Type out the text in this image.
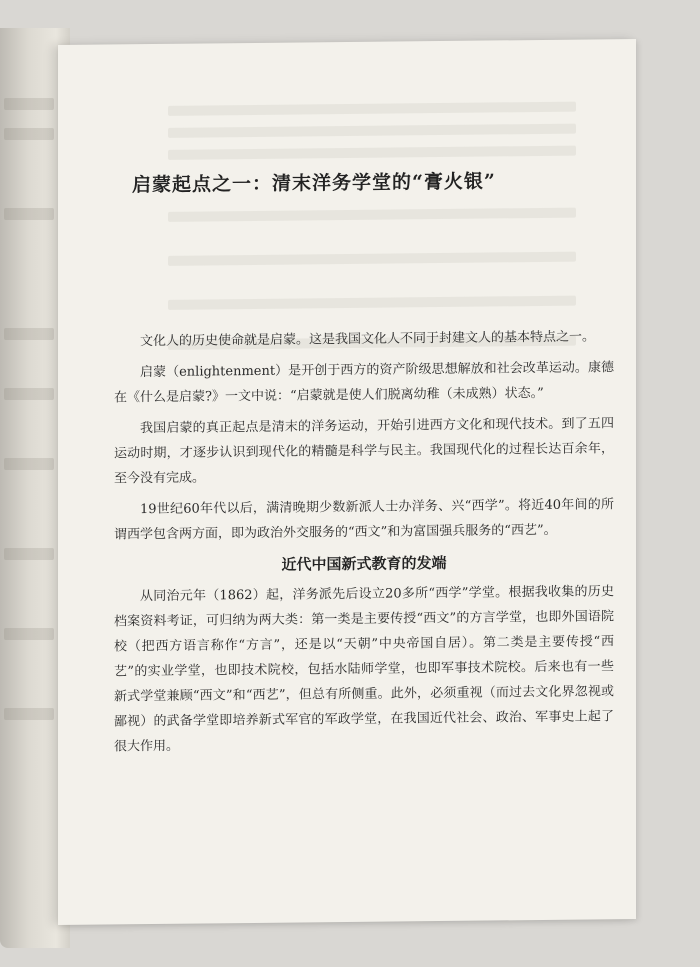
启蒙起点之一：清末洋务学堂的“膏火银”

文化人的历史使命就是启蒙。这是我国文化人不同于封建文人的基本特点之一。

启蒙（enlightenment）是开创于西方的资产阶级思想解放和社会改革运动。康德在《什么是启蒙?》一文中说：“启蒙就是使人们脱离幼稚（未成熟）状态。”

我国启蒙的真正起点是清末的洋务运动，开始引进西方文化和现代技术。到了五四运动时期，才逐步认识到现代化的精髓是科学与民主。我国现代化的过程长达百余年，至今没有完成。

19世纪60年代以后，满清晚期少数新派人士办洋务、兴“西学”。将近40年间的所谓西学包含两方面，即为政治外交服务的“西文”和为富国强兵服务的“西艺”。

近代中国新式教育的发端

从同治元年（1862）起，洋务派先后设立20多所“西学”学堂。根据我收集的历史档案资料考证，可归纳为两大类：第一类是主要传授“西文”的方言学堂，也即外国语院校（把西方语言称作“方言”，还是以“天朝”中央帝国自居）。第二类是主要传授“西艺”的实业学堂，也即技术院校，包括水陆师学堂，也即军事技术院校。后来也有一些新式学堂兼顾“西文”和“西艺”，但总有所侧重。此外，必须重视（而过去文化界忽视或鄙视）的武备学堂即培养新式军官的军政学堂，在我国近代社会、政治、军事史上起了很大作用。
